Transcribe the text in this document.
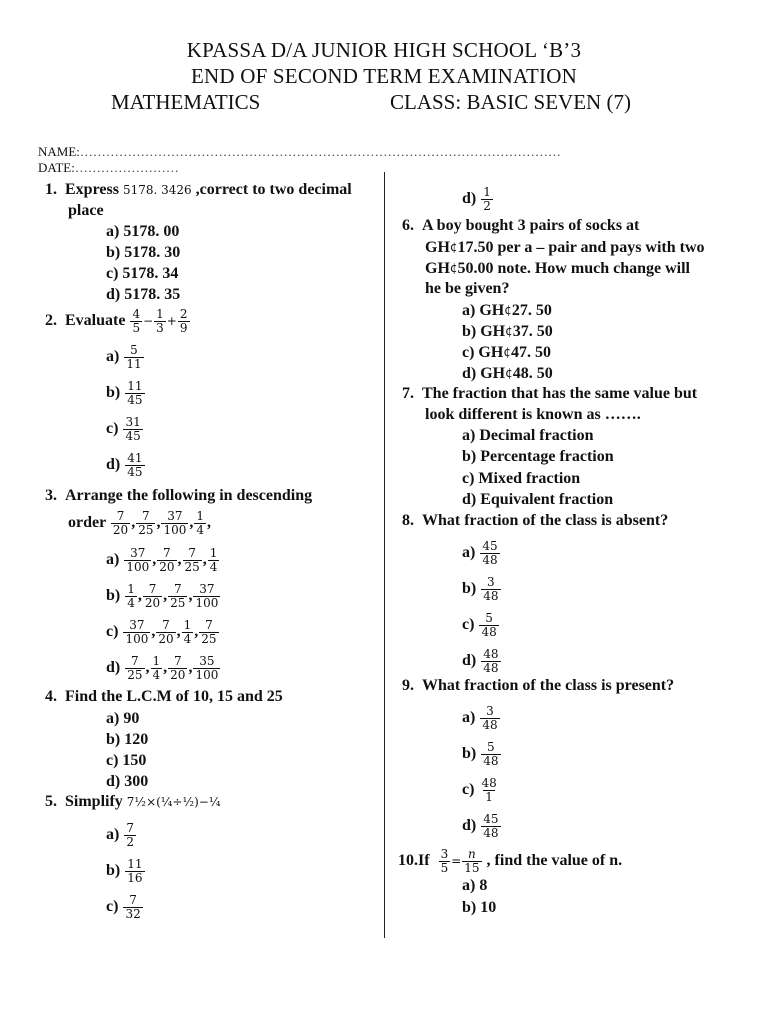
KPASSA D/A JUNIOR HIGH SCHOOL ‘B’3
END OF SECOND TERM EXAMINATION
MATHEMATICS	CLASS: BASIC SEVEN (7)
NAME:…………………………………………………………………………………………………DATE:……………………
1.  Express 5178. 3426 ,correct to two decimal
place
a) 5178. 00
b) 5178. 30
c) 5178. 34
d) 5178. 35
2. Evaluate $\frac{4}{5} - \frac{1}{3} + \frac{2}{9}$
$a) \frac{5}{11}$
$b) \frac{11}{45}$
$c) \frac{31}{45}$
$d) \frac{41}{45}$
3. Arrange the following in descending
order $\frac{7}{20}$ , $\frac{7}{25}$ , $\frac{37}{100}$ , $\frac{1}{4}$ ,
$a) \frac{37}{100}$ , $\frac{7}{20}$ , $\frac{7}{25}$ , $\frac{1}{4}$
$b) \frac{1}{4}$ , $\frac{7}{20}$ , $\frac{7}{25}$ , $\frac{37}{100}$
$c) \frac{37}{100}$ , $\frac{7}{20}$ , $\frac{1}{4}$ , $\frac{7}{25}$
$d) \frac{7}{25}$ , $\frac{1}{4}$ , $\frac{7}{20}$ , $\frac{35}{100}$
4. Find the L.C.M of 10, 15 and 25
a) 90
b) 120
c) 150
d) 300
5. Simplify 7½×(¼÷½)−¼
$a) \frac{7}{2}$
$b) \frac{11}{16}$
$c) \frac{7}{32}$
$d) \frac{1}{2}$
6. A boy bought 3 pairs of socks at
GH¢17.50 per a – pair and pays with two
GH¢50.00 note. How much change will
he be given?
a) GH¢27. 50
b) GH¢37. 50
c) GH¢47. 50
d) GH¢48. 50
7. The fraction that has the same value but
look different is known as …….
a) Decimal fraction
b) Percentage fraction
c) Mixed fraction
d) Equivalent fraction
8. What fraction of the class is absent?
$a) \frac{45}{48}$
$b) \frac{3}{48}$
$c) \frac{5}{48}$
$d) \frac{48}{48}$
9. What fraction of the class is present?
$a) \frac{3}{48}$
$b) \frac{5}{48}$
$c) \frac{48}{1}$
$d) \frac{45}{48}$
$10.If \frac{3}{5} = \frac{n}{15}$ , find the value of n.
a) 8
b) 10
